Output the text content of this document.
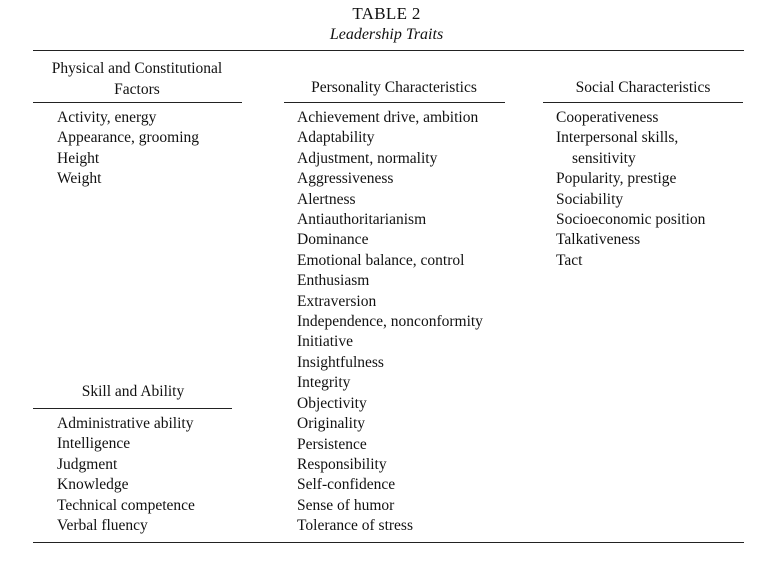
TABLE 2
Leadership Traits
Physical and Constitutional
Factors
Activity, energy
Appearance, grooming
Height
Weight
Skill and Ability
Administrative ability
Intelligence
Judgment
Knowledge
Technical competence
Verbal fluency
Personality Characteristics
Achievement drive, ambition
Adaptability
Adjustment, normality
Aggressiveness
Alertness
Antiauthoritarianism
Dominance
Emotional balance, control
Enthusiasm
Extraversion
Independence, nonconformity
Initiative
Insightfulness
Integrity
Objectivity
Originality
Persistence
Responsibility
Self-confidence
Sense of humor
Tolerance of stress
Social Characteristics
Cooperativeness
Interpersonal skills,
sensitivity
Popularity, prestige
Sociability
Socioeconomic position
Talkativeness
Tact
